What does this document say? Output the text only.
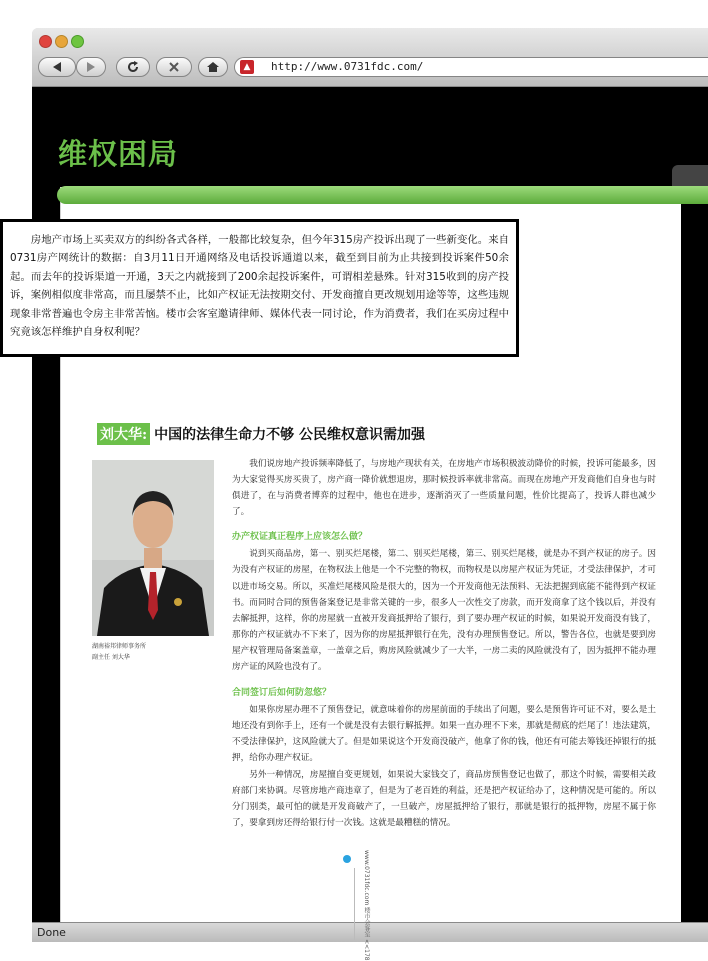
▲	http://www.0731fdc.com/
维权困局
Done

房地产市场上买卖双方的纠纷各式各样，一般都比较复杂，但今年315房产投诉出现了一些新变化。来自0731房产网统计的数据：自3月11日开通网络及电话投诉通道以来，截至到目前为止共接到投诉案件50余起。而去年的投诉渠道一开通，3天之内就接到了200余起投诉案件，可谓相差悬殊。针对315收到的房产投诉，案例相似度非常高，而且屡禁不止，比如产权证无法按期交付、开发商擅自更改规划用途等等，这些违规现象非常普遍也令房主非常苦恼。楼市会客室邀请律师、媒体代表一同讨论，作为消费者，我们在买房过程中究竟该怎样维护自身权利呢？

刘大华: 中国的法律生命力不够 公民维权意识需加强
湖南裕邦律师事务所
副主任 刘大华

我们说房地产投诉频率降低了，与房地产现状有关，在房地产市场积极波动降价的时候，投诉可能最多，因为大家觉得买房买贵了，房产商一降价就想退房，那时候投诉率就非常高。而现在房地产开发商他们自身也与时俱进了，在与消费者博弈的过程中，他也在进步，逐渐消灭了一些质量问题，性价比提高了，投诉人群也减少了。

办产权证真正程序上应该怎么做？

说到买商品房，第一、别买烂尾楼，第二、别买烂尾楼，第三、别买烂尾楼，就是办不到产权证的房子。因为没有产权证的房屋，在物权法上他是一个不完整的物权，而物权是以房屋产权证为凭证，才受法律保护，才可以进市场交易。所以，买准烂尾楼风险是很大的，因为一个开发商他无法预料、无法把握到底能不能得到产权证书。而同时合同的预售备案登记是非常关键的一步，很多人一次性交了房款，而开发商拿了这个钱以后，并没有去解抵押，这样，你的房屋就一直被开发商抵押给了银行，到了要办理产权证的时候，如果说开发商没有钱了，那你的产权证就办不下来了，因为你的房屋抵押银行在先，没有办理预售登记。所以，警告各位，也就是要到房屋产权管理局备案盖章，一盖章之后，购房风险就减少了一大半，一房二卖的风险就没有了，因为抵押不能办理房产证的风险也没有了。

合同签订后如何防忽悠？

如果你房屋办理不了预售登记，就意味着你的房屋前面的手续出了问题，要么是预售许可证不对，要么是土地还没有到你手上，还有一个就是没有去银行解抵押。如果一直办理不下来，那就是彻底的烂尾了！违法建筑，不受法律保护，这风险就大了。但是如果说这个开发商没破产，他拿了你的钱，他还有可能去筹钱还掉银行的抵押，给你办理产权证。

另外一种情况，房屋擅自变更规划，如果说大家钱交了，商品房预售登记也做了，那这个时候，需要相关政府部门来协调。尽管房地产商违章了，但是为了老百姓的利益，还是把产权证给办了，这种情况是可能的。所以分门别类，最可怕的就是开发商破产了，一旦破产，房屋抵押给了银行，那就是银行的抵押物，房屋不属于你了，要拿到房还得给银行付一次钱。这就是最糟糕的情况。

www.0731fdc.com 楼市会客室 <<178
